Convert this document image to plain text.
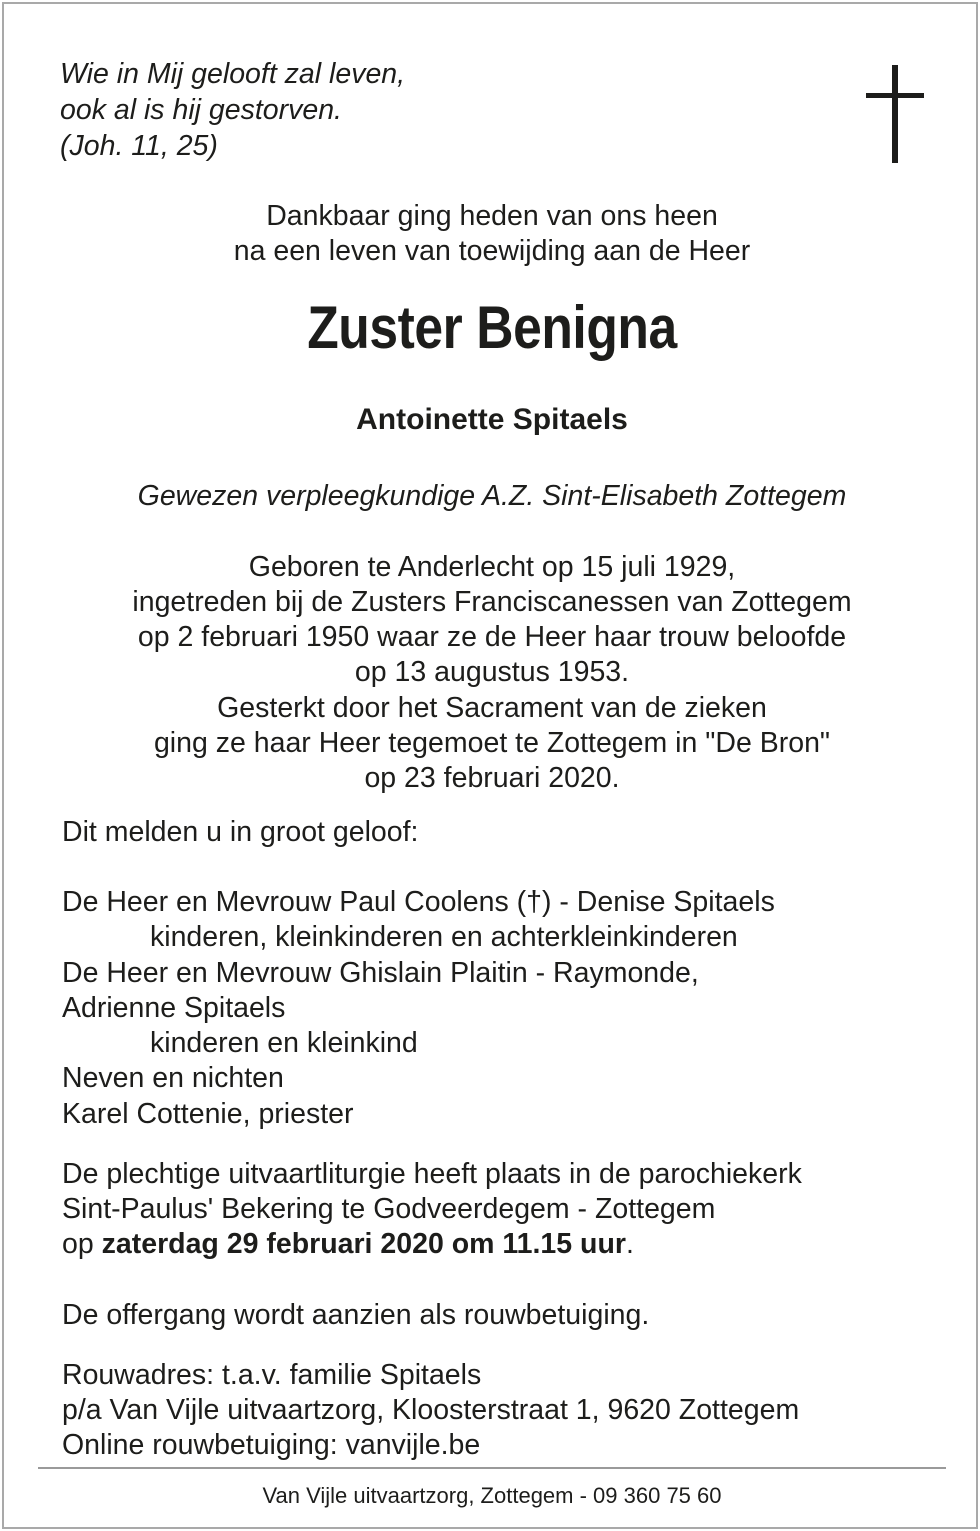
Wie in Mij gelooft zal leven,
ook al is hij gestorven.
(Joh. 11, 25)
Dankbaar ging heden van ons heen
na een leven van toewijding aan de Heer
Zuster Benigna
Antoinette Spitaels
Gewezen verpleegkundige A.Z. Sint-Elisabeth Zottegem
Geboren te Anderlecht op 15 juli 1929,
ingetreden bij de Zusters Franciscanessen van Zottegem
op 2 februari 1950 waar ze de Heer haar trouw beloofde
op 13 augustus 1953.
Gesterkt door het Sacrament van de zieken
ging ze haar Heer tegemoet te Zottegem in "De Bron"
op 23 februari 2020.
Dit melden u in groot geloof:
De Heer en Mevrouw Paul Coolens (†) - Denise Spitaels
kinderen, kleinkinderen en achterkleinkinderen
De Heer en Mevrouw Ghislain Plaitin - Raymonde,
Adrienne Spitaels
kinderen en kleinkind
Neven en nichten
Karel Cottenie, priester
De plechtige uitvaartliturgie heeft plaats in de parochiekerk
Sint-Paulus' Bekering te Godveerdegem - Zottegem
op zaterdag 29 februari 2020 om 11.15 uur.
De offergang wordt aanzien als rouwbetuiging.
Rouwadres: t.a.v. familie Spitaels
p/a Van Vijle uitvaartzorg, Kloosterstraat 1, 9620 Zottegem
Online rouwbetuiging: vanvijle.be
Van Vijle uitvaartzorg, Zottegem - 09 360 75 60
